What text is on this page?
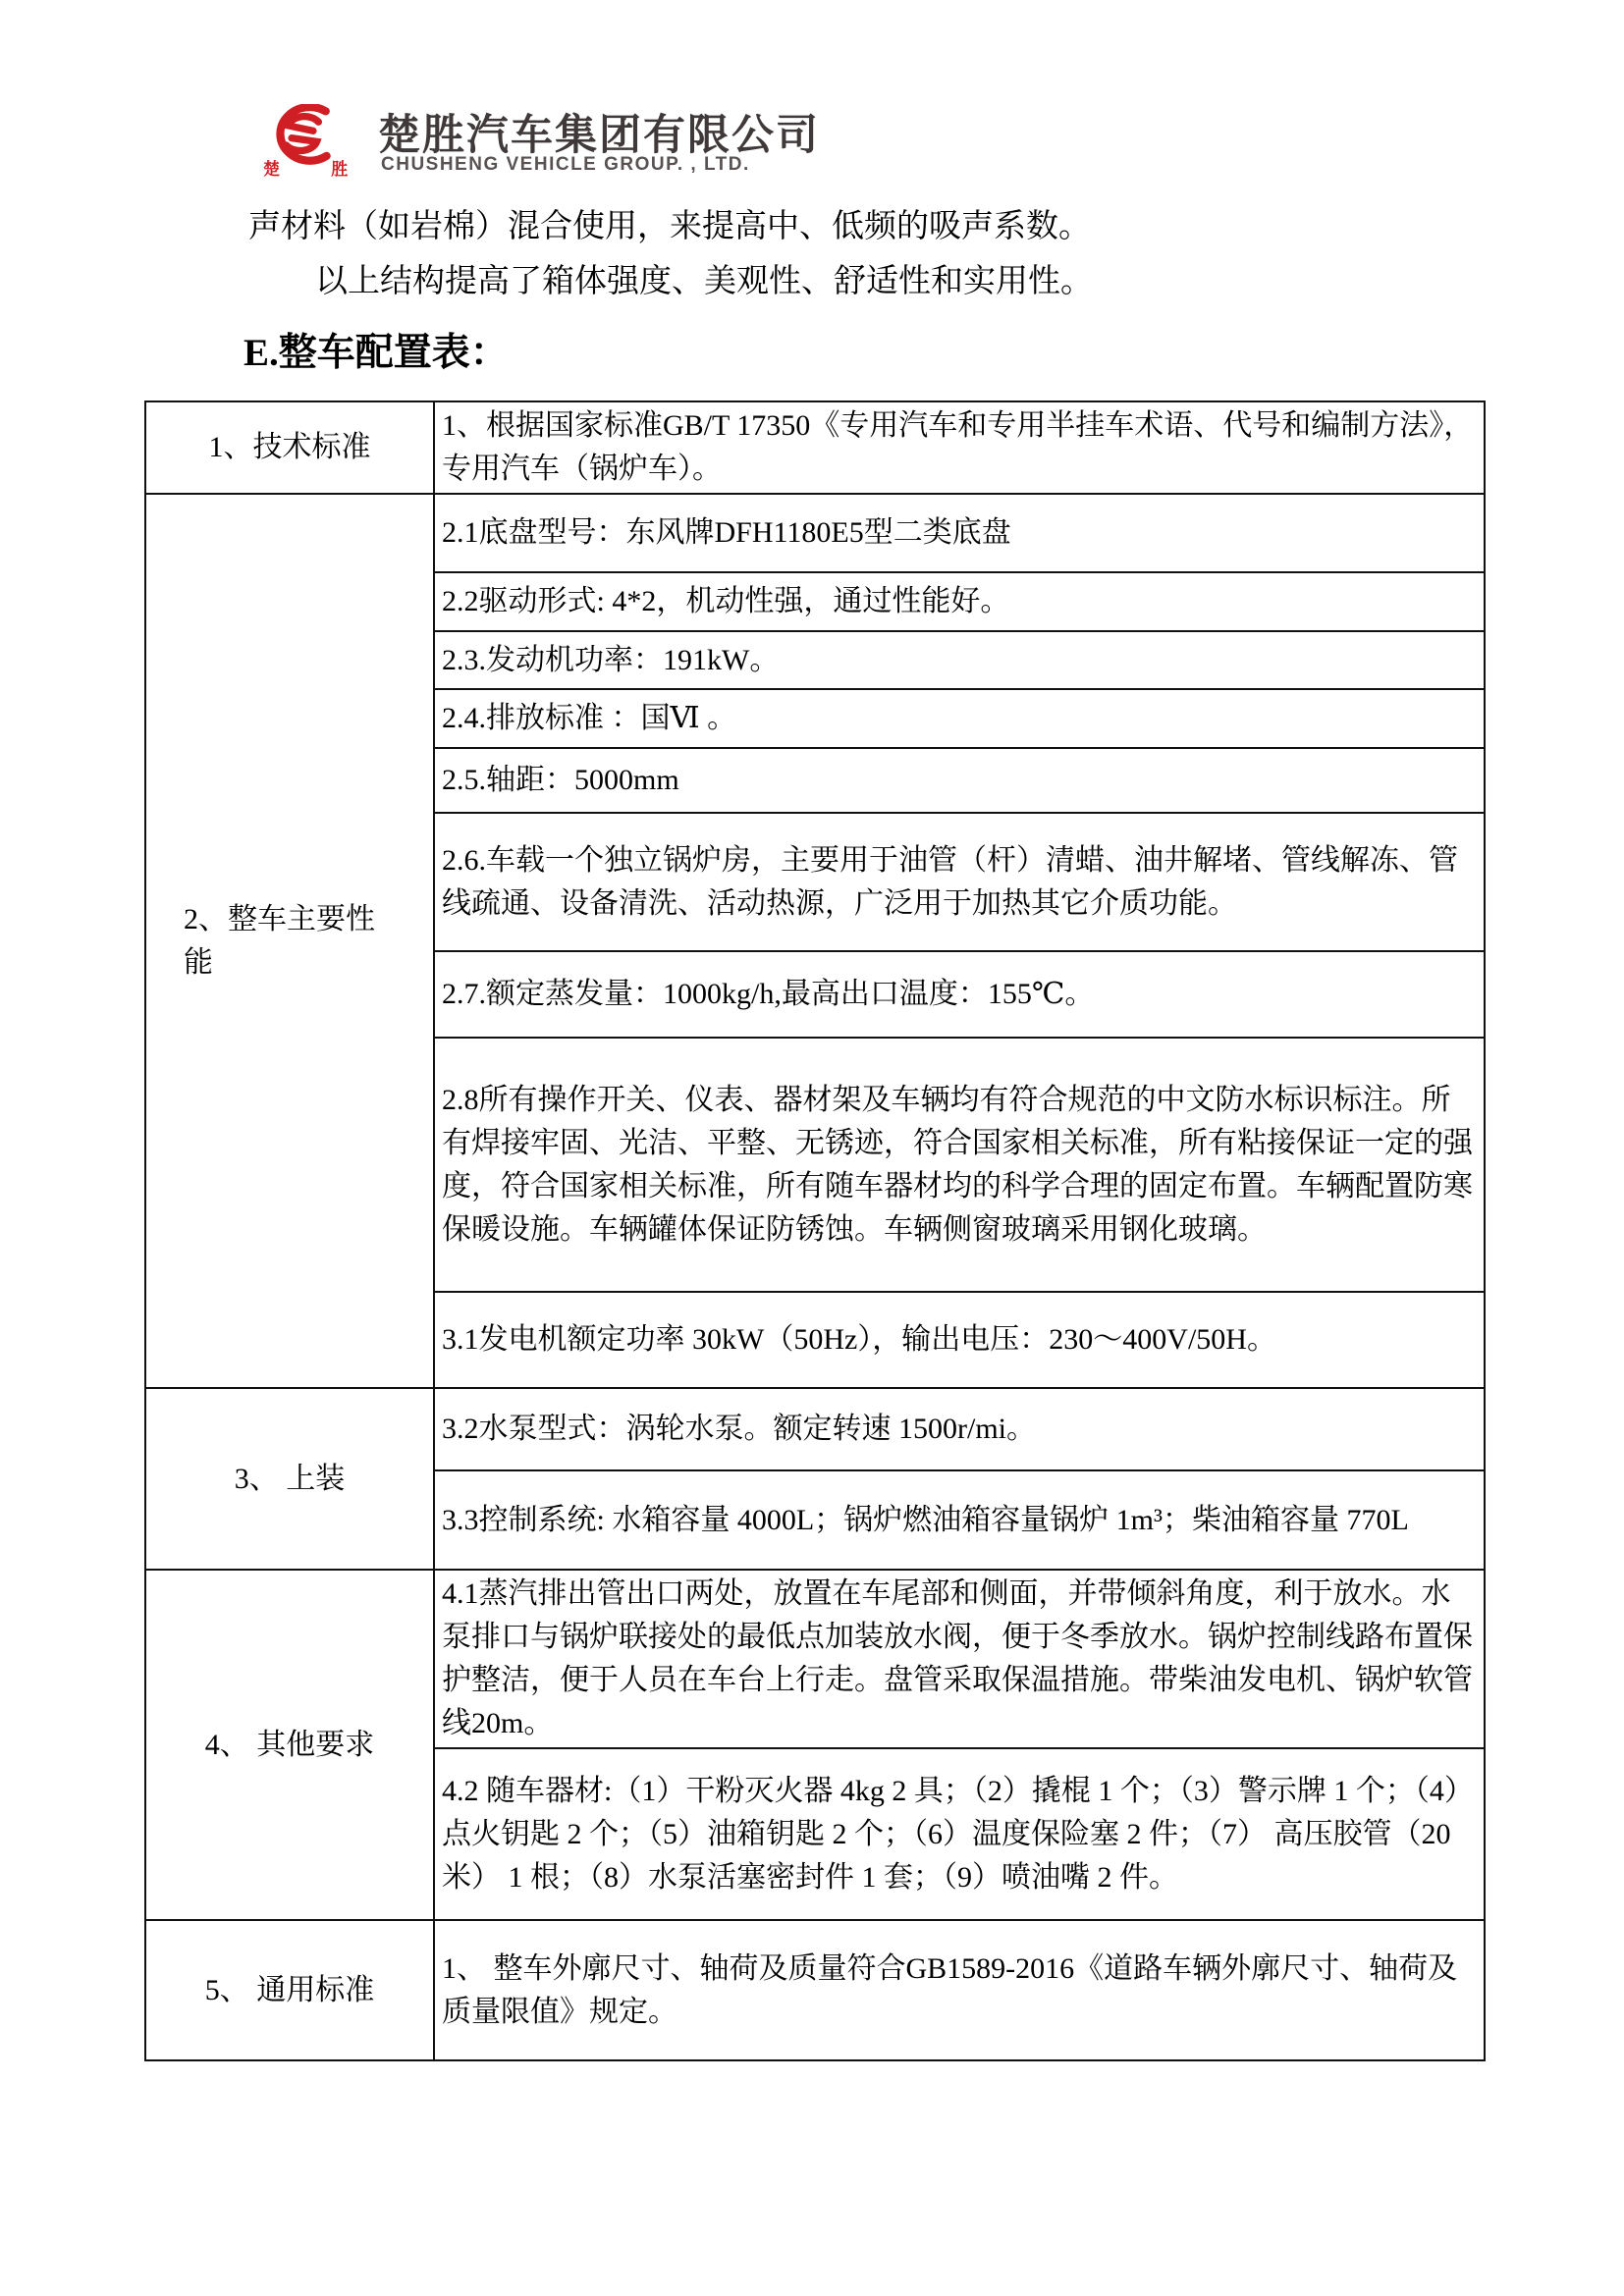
楚 胜
楚胜汽车集团有限公司
CHUSHENG VEHICLE GROUP. , LTD.
声材料（如岩棉）混合使用，来提高中、低频的吸声系数。
以上结构提高了箱体强度、美观性、舒适性和实用性。
E.整车配置表：
1、技术标准	1、根据国家标准GB/T 17350《专用汽车和专用半挂车术语、代号和编制方法》，专用汽车（锅炉车）。
2、整车主要性能	2.1底盘型号：东风牌DFH1180E5型二类底盘
	2.2驱动形式: 4*2，机动性强，通过性能好。
	2.3.发动机功率：191kW。
	2.4.排放标准 ：国Ⅵ 。
	2.5.轴距：5000mm
	2.6.车载一个独立锅炉房，主要用于油管（杆）清蜡、油井解堵、管线解冻、管线疏通、设备清洗、活动热源，广泛用于加热其它介质功能。
	2.7.额定蒸发量：1000kg/h,最高出口温度：155℃。
	2.8所有操作开关、仪表、器材架及车辆均有符合规范的中文防水标识标注。所有焊接牢固、光洁、平整、无锈迹，符合国家相关标准，所有粘接保证一定的强度，符合国家相关标准，所有随车器材均的科学合理的固定布置。车辆配置防寒保暖设施。车辆罐体保证防锈蚀。车辆侧窗玻璃采用钢化玻璃。
	3.1发电机额定功率 30kW（50Hz），输出电压：230～400V/50H。
3、 上装	3.2水泵型式：涡轮水泵。额定转速 1500r/mi。
	3.3控制系统: 水箱容量 4000L；锅炉燃油箱容量锅炉 1m³；柴油箱容量 770L
4、 其他要求	4.1蒸汽排出管出口两处，放置在车尾部和侧面，并带倾斜角度，利于放水。水泵排口与锅炉联接处的最低点加装放水阀，便于冬季放水。锅炉控制线路布置保护整洁，便于人员在车台上行走。盘管采取保温措施。带柴油发电机、锅炉软管线20m。
	4.2 随车器材:（1）干粉灭火器 4kg 2 具；（2）撬棍 1 个；（3）警示牌 1 个；（4） 点火钥匙 2 个；（5）油箱钥匙 2 个；（6）温度保险塞 2 件；（7） 高压胶管（20 米） 1 根；（8）水泵活塞密封件 1 套；（9）喷油嘴 2 件。
5、 通用标准	1、 整车外廓尺寸、轴荷及质量符合GB1589-2016《道路车辆外廓尺寸、轴荷及质量限值》规定。
